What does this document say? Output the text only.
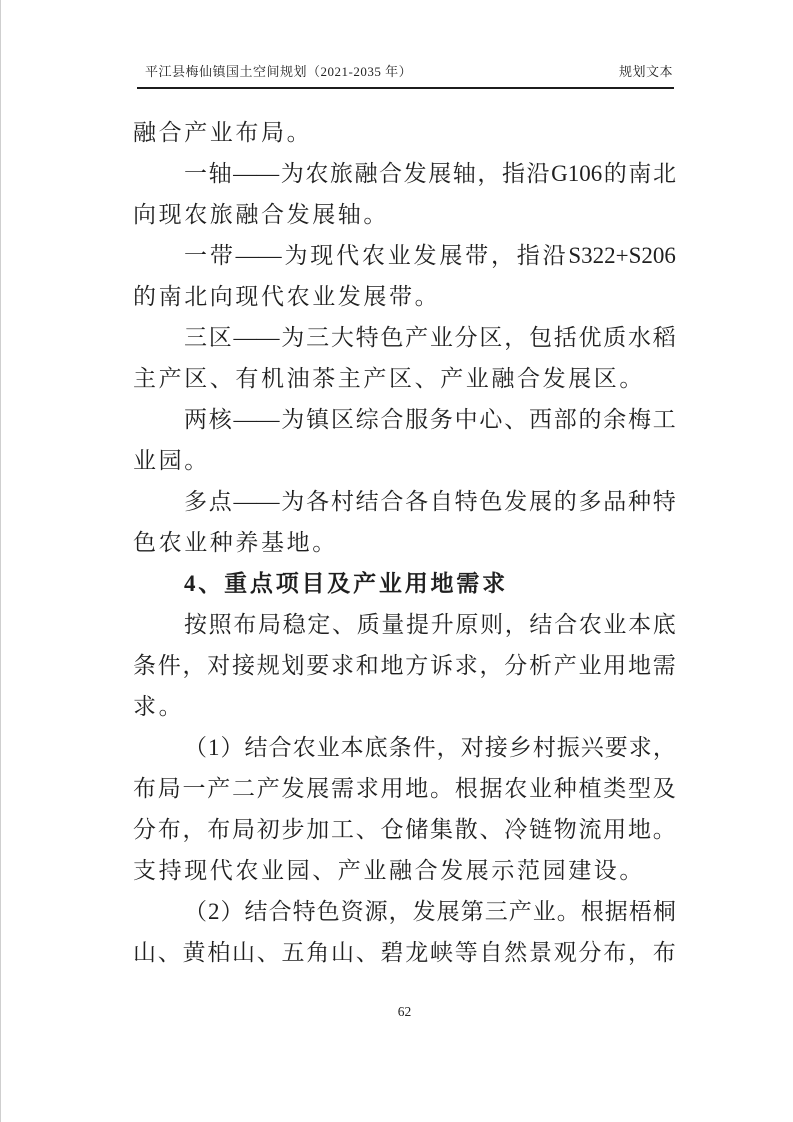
平江县梅仙镇国土空间规划（2021-2035 年）	规划文本
融合产业布局。
一 轴 —— 为 农 旅 融 合 发 展 轴 ， 指 沿 G106 的 南 北
向现农旅融合发展轴。
一 带 —— 为 现 代 农 业 发 展 带 ， 指 沿 S322+S206
的南北向现代农业发展带。
三 区 —— 为 三 大 特 色 产 业 分 区 ， 包 括 优 质 水 稻
主产区、有机油茶主产区、产业融合发展区。
两 核 —— 为 镇 区 综 合 服 务 中 心 、 西 部 的 余 梅 工
业园。
多 点 —— 为 各 村 结 合 各 自 特 色 发 展 的 多 品 种 特
色农业种养基地。
4、重点项目及产业用地需求
按 照 布 局 稳 定 、 质 量 提 升 原 则 ， 结 合 农 业 本 底
条 件 ， 对 接 规 划 要 求 和 地 方 诉 求 ， 分 析 产 业 用 地 需
求。
（ 1 ） 结 合 农 业 本 底 条 件 ， 对 接 乡 村 振 兴 要 求 ，
布 局 一 产 二 产 发 展 需 求 用 地 。 根 据 农 业 种 植 类 型 及
分 布 ， 布 局 初 步 加 工 、 仓 储 集 散 、 冷 链 物 流 用 地 。
支持现代农业园、产业融合发展示范园建设。
（ 2 ） 结 合 特 色 资 源 ， 发 展 第 三 产 业 。 根 据 梧 桐
山 、 黄 柏 山 、 五 角 山 、 碧 龙 峡 等 自 然 景 观 分 布 ， 布
62
